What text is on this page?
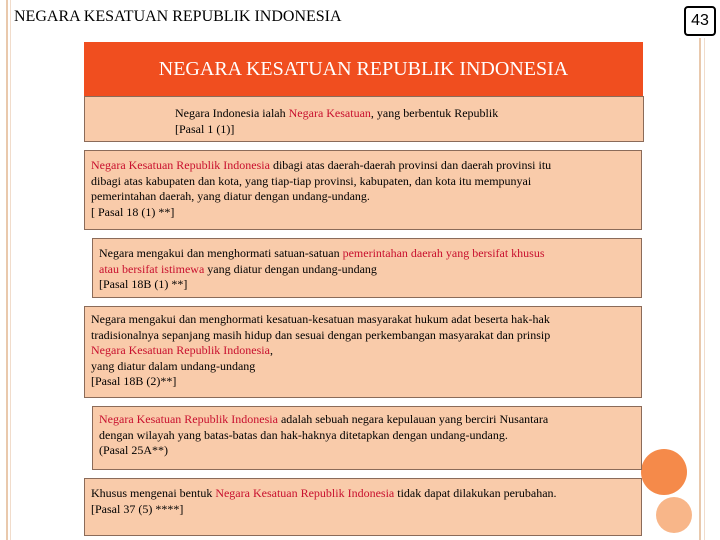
NEGARA KESATUAN REPUBLIK INDONESIA	43
NEGARA KESATUAN REPUBLIK INDONESIA
Negara Indonesia ialah Negara Kesatuan, yang berbentuk Republik
[Pasal 1 (1)]
Negara Kesatuan Republik Indonesia dibagi atas daerah-daerah provinsi dan daerah provinsi itu
dibagi atas kabupaten dan kota, yang tiap-tiap provinsi, kabupaten, dan kota itu mempunyai
pemerintahan daerah, yang diatur dengan undang-undang.
[ Pasal 18 (1) **]
Negara mengakui dan menghormati satuan-satuan pemerintahan daerah yang bersifat khusus
atau bersifat istimewa yang diatur dengan undang-undang
[Pasal 18B (1) **]
Negara mengakui dan menghormati kesatuan-kesatuan masyarakat hukum adat beserta hak-hak
tradisionalnya sepanjang masih hidup dan sesuai dengan perkembangan masyarakat dan prinsip
Negara Kesatuan Republik Indonesia,
yang diatur dalam undang-undang
[Pasal 18B (2)**]
Negara Kesatuan Republik Indonesia adalah sebuah negara kepulauan yang berciri Nusantara
dengan wilayah yang batas-batas dan hak-haknya ditetapkan dengan undang-undang.
(Pasal 25A**)
Khusus mengenai bentuk Negara Kesatuan Republik Indonesia tidak dapat dilakukan perubahan.
[Pasal 37 (5) ****]
